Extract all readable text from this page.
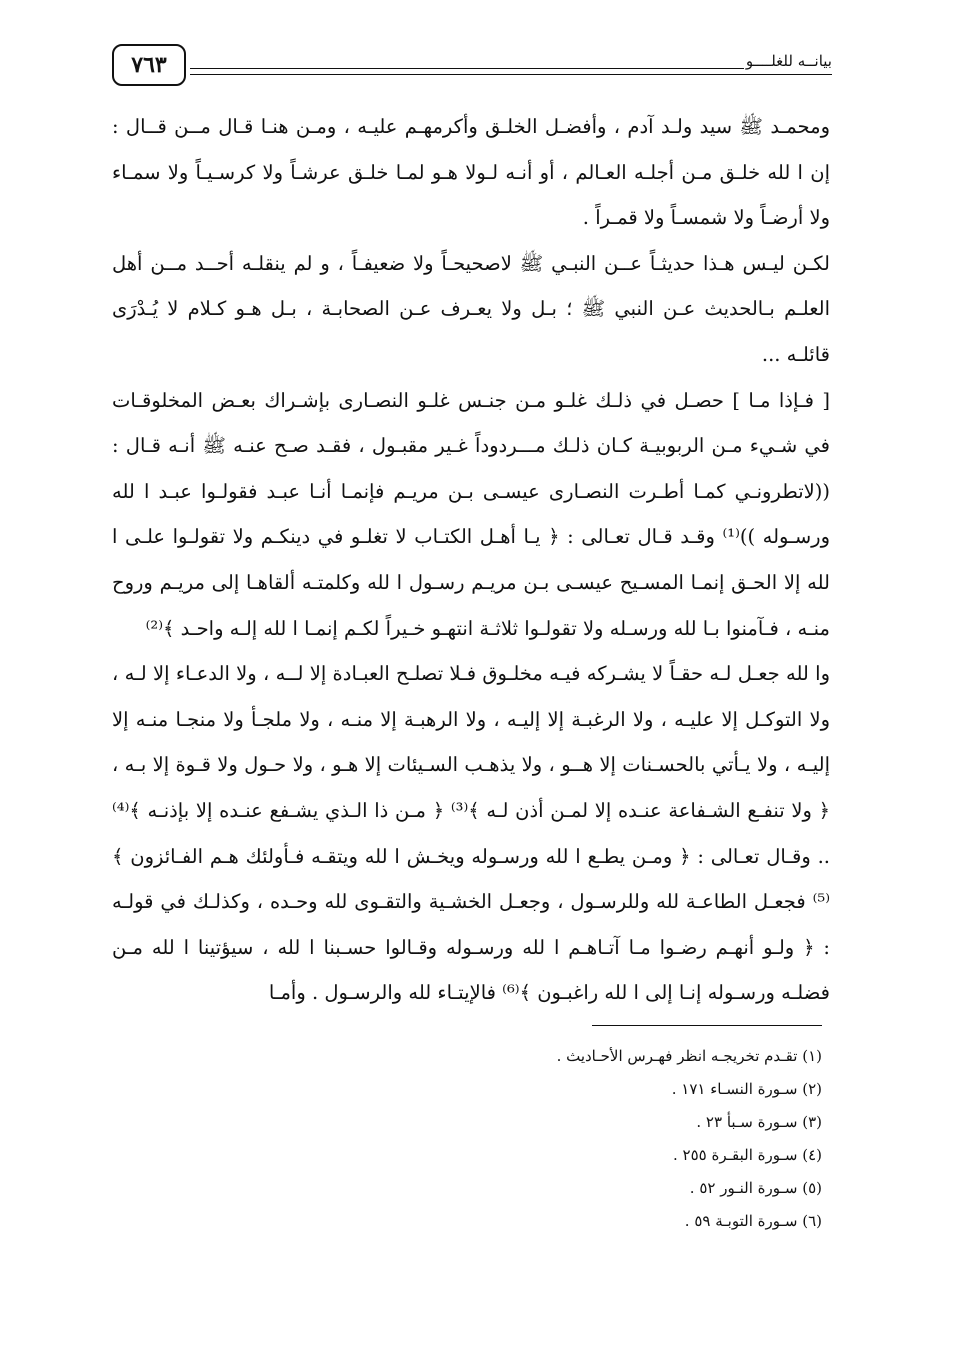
بيانــه للغلــــو
٧٦٣

ومحمـد ﷺ سيد ولـد آدم ، وأفضـل الخلـق وأكرمهـم عليـه ، ومـن هنـا قـال مــن قــال : إن ا لله خلـق مـن أجلـه العـالم ، أو أنـه لـولا هـو لمـا خلـق عرشـاً ولا كرسـيـاً ولا سمـاء ولا أرضـاً ولا شمسـاً ولا قمـراً .

لكـن ليـس هـذا حديثـاً عــن النبـي ﷺ لاصحيحـاً ولا ضعيفـاً ، و لم ينقلـه أحــد مــن أهل العلـم بـالحديث عـن النبي ﷺ ؛ بـل ولا يعـرف عـن الصحابـة ، بـل هـو كـلام لا يُـدْرَى قائلـه ...

[ فـإذا مـا ] حصـل في ذلـك غلـو مـن جنـس غلـو النصـارى بإشـراك بعـض المخلوقـات في شـيء مـن الربوبيـة كـان ذلـك مـــردوداً غـير مقبـول ، فقـد صـح عنـه ﷺ أنـه قـال : ((لاتطرونـي كمـا أطـرت النصـارى عيسـى بـن مريـم فإنمـا أنـا عبـد فقولـوا عبـد ا لله ورسـوله ))⁽¹⁾ وقـد قـال تعـالى : ﴿ يـا أهـل الكتـاب لا تغلـو في دينكـم ولا تقولـوا علـى ا لله إلا الحـق إنمـا المسـيح عيسـى بـن مريـم رسـول ا لله وكلمتـه ألقاهـا إلى مريـم وروح منـه ، فـآمنوا بـا لله ورسـله ولا تقولـوا ثلاثـة انتهـو خـيراً لكـم إنمـا ا لله إلـه واحـد ﴾⁽²⁾

وا لله جعـل لـه حقـاً لا يشـركه فيـه مخلـوق فـلا تصلـح العبـادة إلا لــه ، ولا الدعـاء إلا لـه ، ولا التوكـل إلا عليـه ، ولا الرغبـة إلا إليـه ، ولا الرهبـة إلا منـه ، ولا ملجـأ ولا منجـا منـه إلا إليـه ، ولا يـأتي بالحسـنات إلا هــو ، ولا يذهـب السـيئات إلا هـو ، ولا حـول ولا قـوة إلا بـه ، ﴿ ولا تنفـع الشـفاعة عنـده إلا لمـن أذن لـه ﴾⁽³⁾ ﴿ مـن ذا الـذي يشـفع عنـده إلا بإذنـه ﴾⁽⁴⁾ .. وقـال تعـالى : ﴿ ومـن يطـع ا لله ورسـوله ويخـش ا لله ويتقـه فـأولئك هـم الفـائزون ﴾⁽⁵⁾ فجعـل الطاعـة لله وللرسـول ، وجعـل الخشـية والتقـوى لله وحـده ، وكذلـك في قولـه : ﴿ ولـو أنهـم رضـوا مـا آتـاهـم ا لله ورسـوله وقـالوا حسـبنا ا لله ، سيؤتينا ا لله مـن فضلـه ورسـوله إنـا إلى ا لله راغبـون ﴾⁽⁶⁾ فالإيتـاء لله والرسـول . وأمـا

(١) تقـدم تخريجـه انظر فهـرس الأحـاديث .
(٢) سـورة النسـاء ١٧١ .
(٣) سـورة سـبأ ٢٣ .
(٤) سـورة البقـرة ٢٥٥ .
(٥) سـورة النـور ٥٢ .
(٦) سـورة التوبـة ٥٩ .
